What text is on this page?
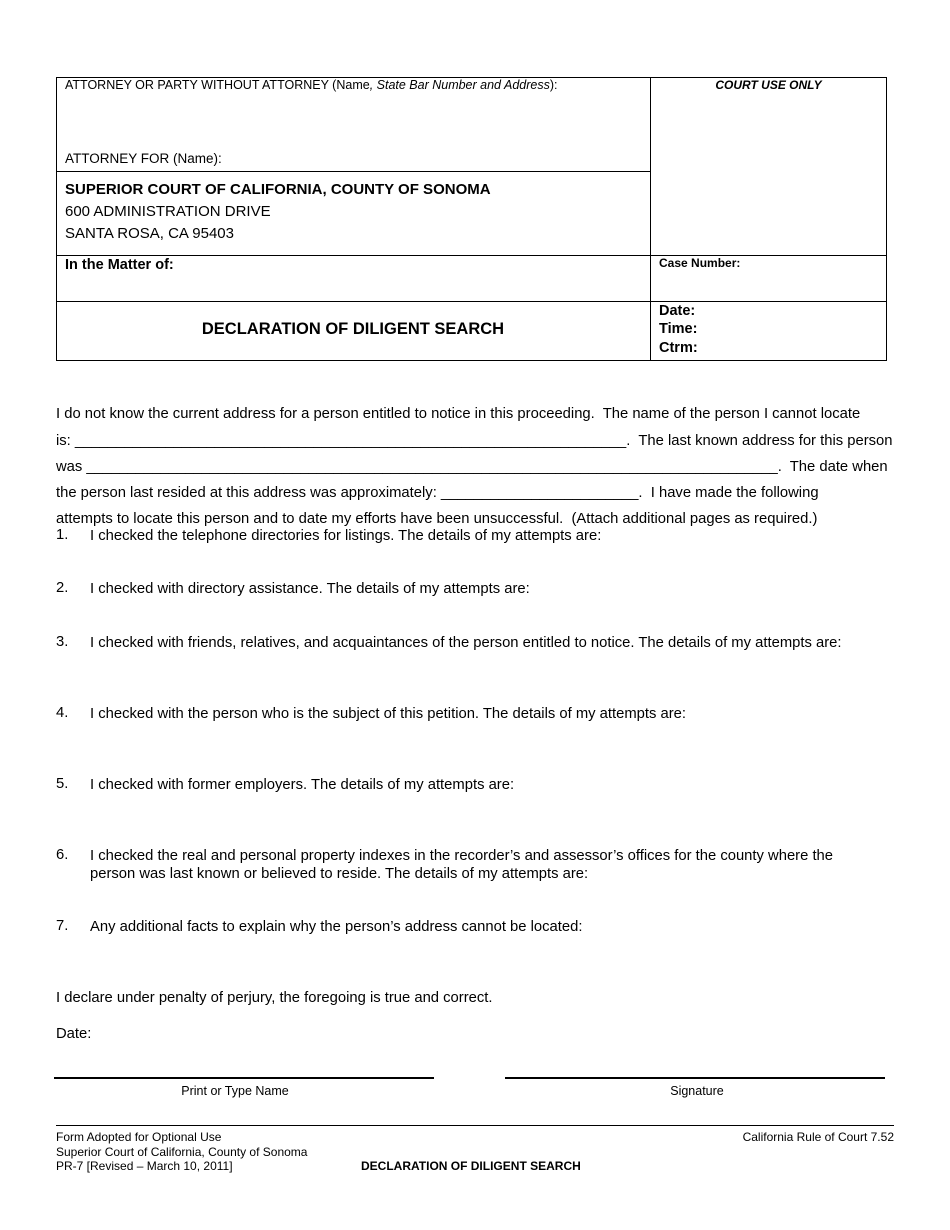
ATTORNEY OR PARTY WITHOUT ATTORNEY (Name, State Bar Number and Address):
ATTORNEY FOR (Name):
COURT USE ONLY
SUPERIOR COURT OF CALIFORNIA, COUNTY OF SONOMA
600 ADMINISTRATION DRIVE
SANTA ROSA, CA 95403
In the Matter of:	Case Number:
DECLARATION OF DILIGENT SEARCH
Date:
Time:
Ctrm:

I do not know the current address for a person entitled to notice in this proceeding.  The name of the person I cannot locate
is: ___________________________________________________________________.  The last known address for this person
was ____________________________________________________________________________________.  The date when
the person last resided at this address was approximately: ________________________.  I have made the following
attempts to locate this person and to date my efforts have been unsuccessful.  (Attach additional pages as required.)

1. I checked the telephone directories for listings. The details of my attempts are:
2. I checked with directory assistance. The details of my attempts are:
3. I checked with friends, relatives, and acquaintances of the person entitled to notice. The details of my attempts are:
4. I checked with the person who is the subject of this petition. The details of my attempts are:
5. I checked with former employers. The details of my attempts are:
6. I checked the real and personal property indexes in the recorder’s and assessor’s offices for the county where the
person was last known or believed to reside. The details of my attempts are:
7. Any additional facts to explain why the person’s address cannot be located:
I declare under penalty of perjury, the foregoing is true and correct.
Date:
Print or Type Name	Signature
Form Adopted for Optional Use
Superior Court of California, County of Sonoma
PR-7 [Revised – March 10, 2011]	DECLARATION OF DILIGENT SEARCH
California Rule of Court 7.52
